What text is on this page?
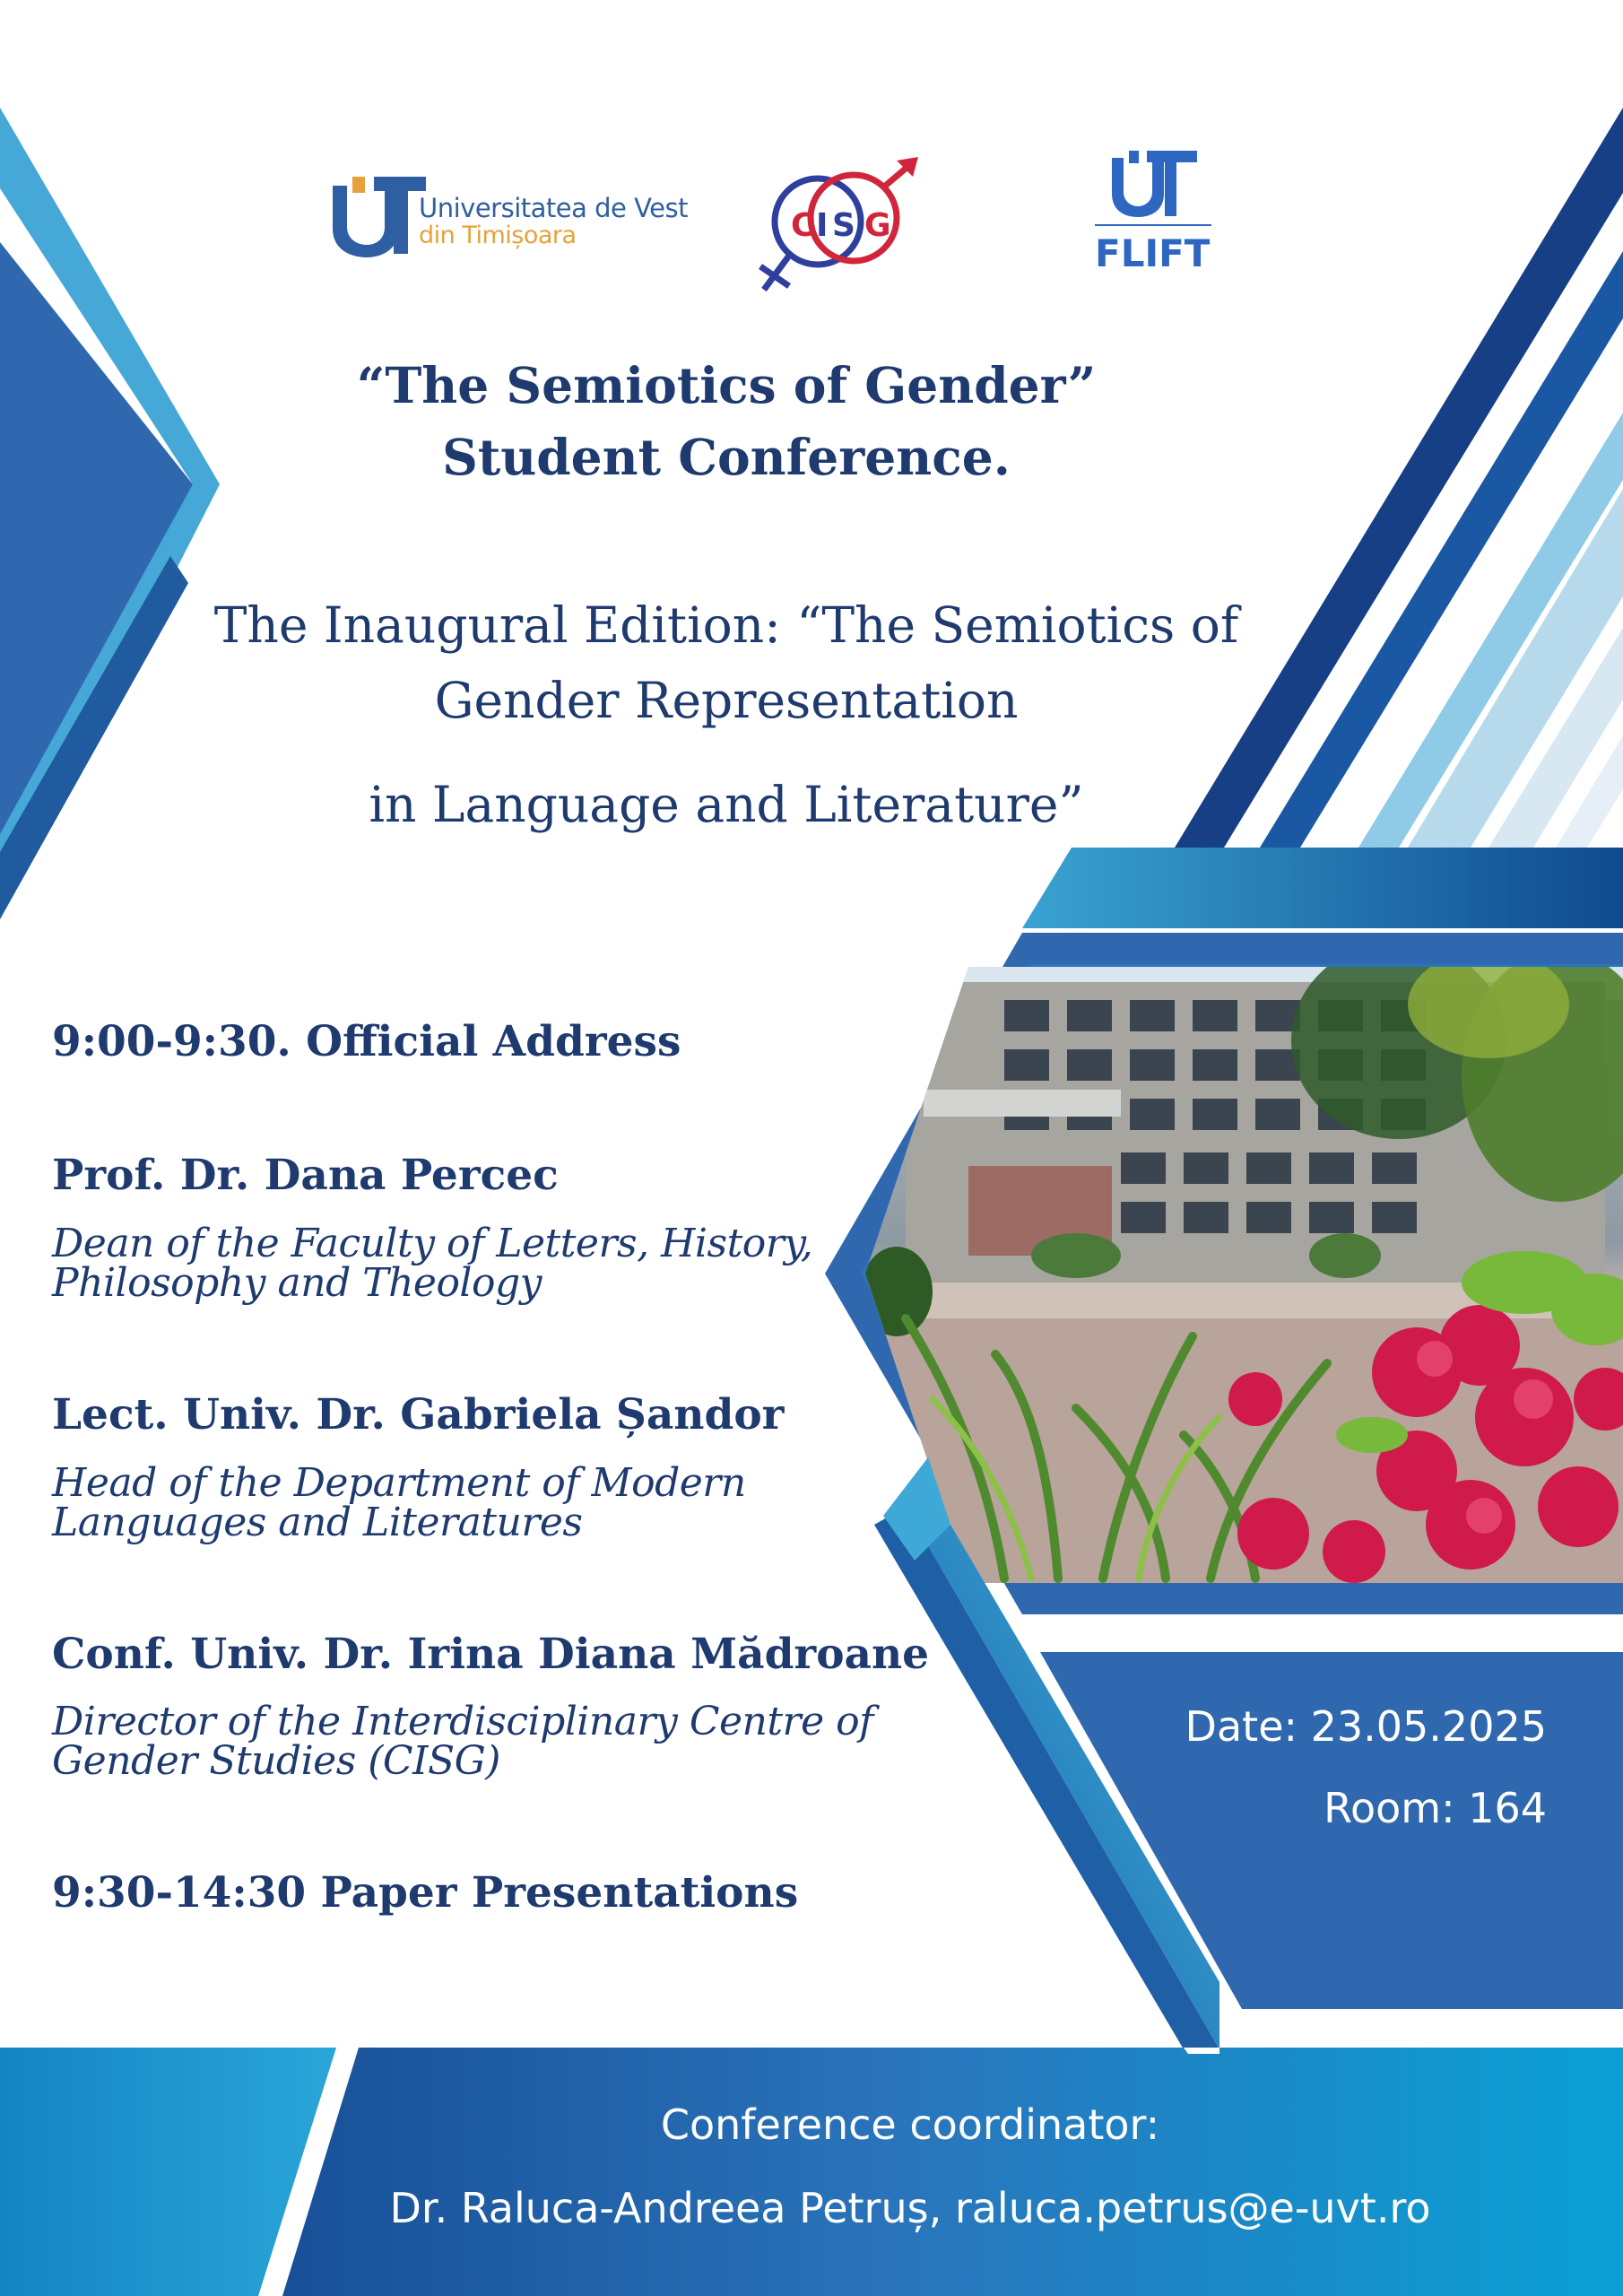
Universitatea de Vest
din Timișoara	C I S G
FLIFT
“The Semiotics of Gender”
Student Conference.
The Inaugural Edition: “The Semiotics of
Gender Representation
in Language and Literature”
9:00-9:30. Official Address
Prof. Dr. Dana Percec
Dean of the Faculty of Letters, History,
Philosophy and Theology
Lect. Univ. Dr. Gabriela Șandor
Head of the Department of Modern
Languages and Literatures
Conf. Univ. Dr. Irina Diana Mădroane
Director of the Interdisciplinary Centre of
Gender Studies (CISG)
9:30-14:30 Paper Presentations
Date: 23.05.2025
Room: 164
Conference coordinator:
Dr. Raluca-Andreea Petruș, raluca.petrus@e-uvt.ro
